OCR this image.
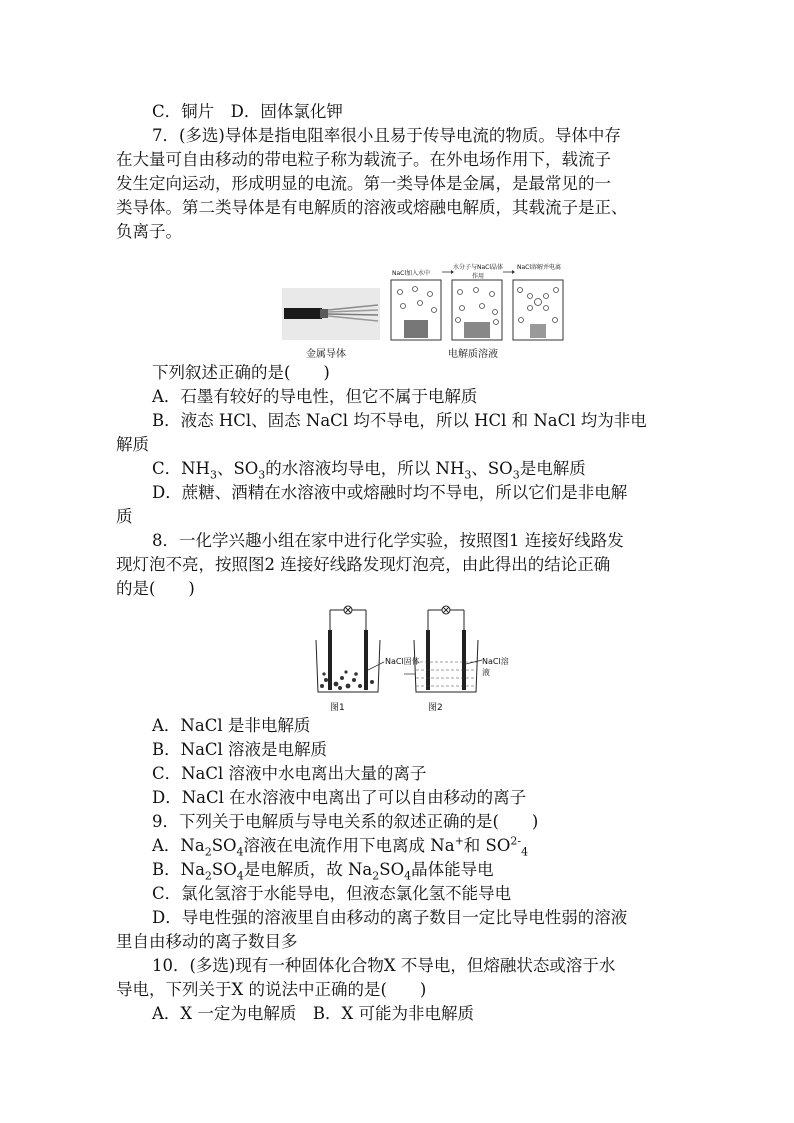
C．铜片　D．固体氯化钾
7．(多选)导体是指电阻率很小且易于传导电流的物质。导体中存
在大量可自由移动的带电粒子称为载流子。在外电场作用下，载流子
发生定向运动，形成明显的电流。第一类导体是金属，是最常见的一
类导体。第二类导体是有电解质的溶液或熔融电解质，其载流子是正、
负离子。
金属导体
NaCl加入水中
水分子与NaCl晶体作用
NaCl溶解并电离
电解质溶液
下列叙述正确的是(　　)
A．石墨有较好的导电性，但它不属于电解质
B．液态 HCl、固态 NaCl 均不导电，所以 HCl 和 NaCl 均为非电
解质
C．$NH_3$、$SO_3$的水溶液均导电，所以 $NH_3$、$SO_3$是电解质
D．蔗糖、酒精在水溶液中或熔融时均不导电，所以它们是非电解
质
8．一化学兴趣小组在家中进行化学实验，按照图1 连接好线路发
现灯泡不亮，按照图2 连接好线路发现灯泡亮，由此得出的结论正确
的是(　　)
NaCl固体	NaCl溶液
图1	图2
A．NaCl 是非电解质
B．NaCl 溶液是电解质
C．NaCl 溶液中水电离出大量的离子
D．NaCl 在水溶液中电离出了可以自由移动的离子
9．下列关于电解质与导电关系的叙述正确的是(　　)
A．$Na_2SO_4$溶液在电流作用下电离成 Na+和 $SO^{2-}_4$
B．$Na_2SO_4$是电解质，故 $Na_2SO_4$晶体能导电
C．氯化氢溶于水能导电，但液态氯化氢不能导电
D．导电性强的溶液里自由移动的离子数目一定比导电性弱的溶液
里自由移动的离子数目多
10．(多选)现有一种固体化合物X 不导电，但熔融状态或溶于水
导电，下列关于X 的说法中正确的是(　　)
A．X 一定为电解质　B．X 可能为非电解质
